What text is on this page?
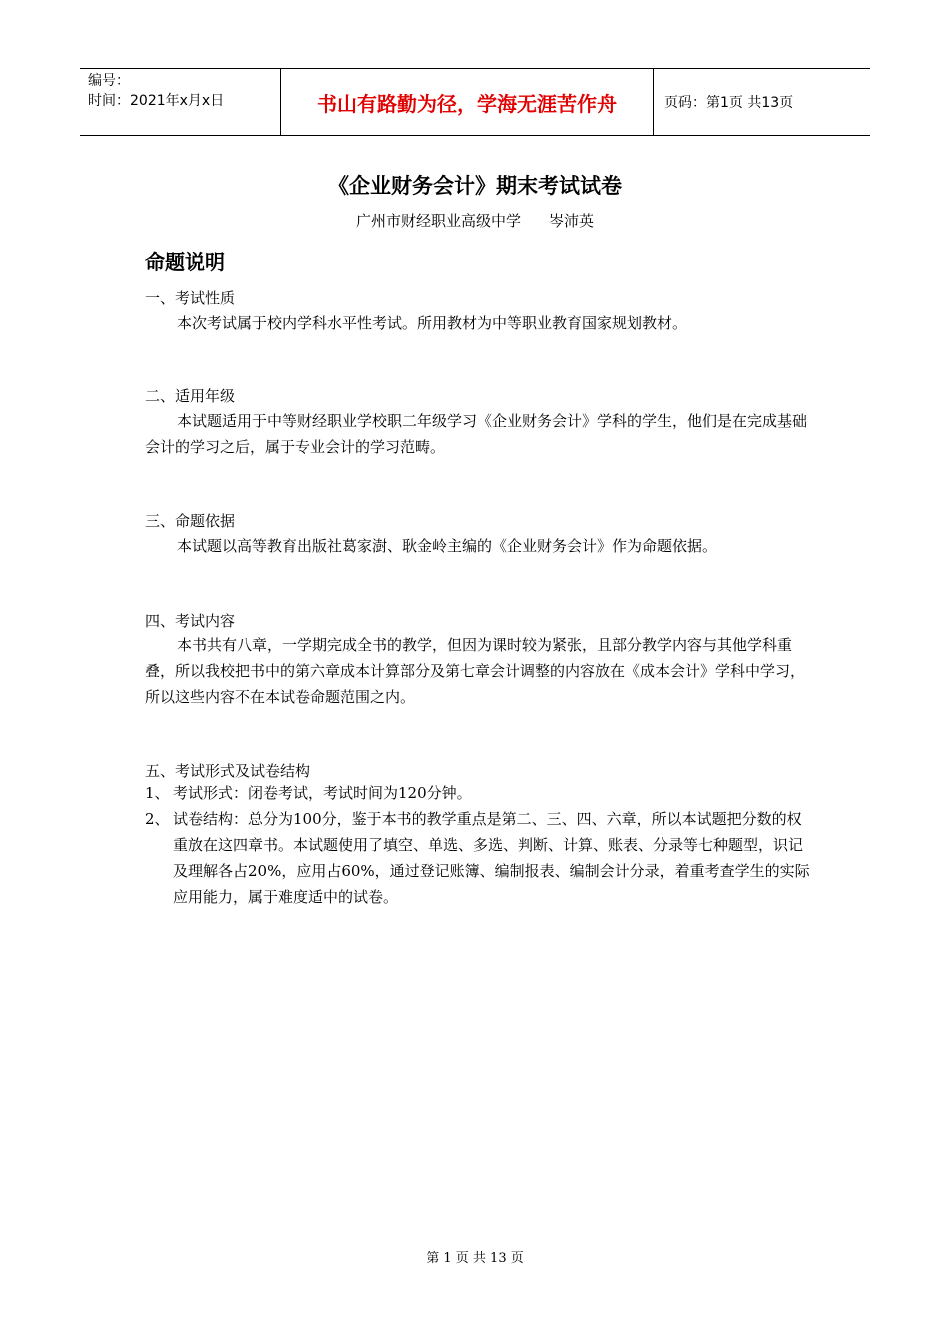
编号：
时间：2021年x月x日	书山有路勤为径，学海无涯苦作舟	页码：第1页 共13页
《企业财务会计》期末考试试卷
广州市财经职业高级中学 岑沛英
命题说明
一、考试性质
本次考试属于校内学科水平性考试。所用教材为中等职业教育国家规划教材。
二、适用年级
本试题适用于中等财经职业学校职二年级学习《企业财务会计》学科的学生，他们是在完成基础会计的学习之后，属于专业会计的学习范畴。
三、命题依据
本试题以高等教育出版社葛家澍、耿金岭主编的《企业财务会计》作为命题依据。
四、考试内容
本书共有八章，一学期完成全书的教学，但因为课时较为紧张，且部分教学内容与其他学科重叠，所以我校把书中的第六章成本计算部分及第七章会计调整的内容放在《成本会计》学科中学习，所以这些内容不在本试卷命题范围之内。
五、考试形式及试卷结构
1、 考试形式：闭卷考试，考试时间为120分钟。
2、 试卷结构：总分为100分，鉴于本书的教学重点是第二、三、四、六章，所以本试题把分数的权重放在这四章书。本试题使用了填空、单选、多选、判断、计算、账表、分录等七种题型，识记及理解各占20%，应用占60%，通过登记账簿、编制报表、编制会计分录，着重考查学生的实际应用能力，属于难度适中的试卷。
第 1 页 共 13 页
